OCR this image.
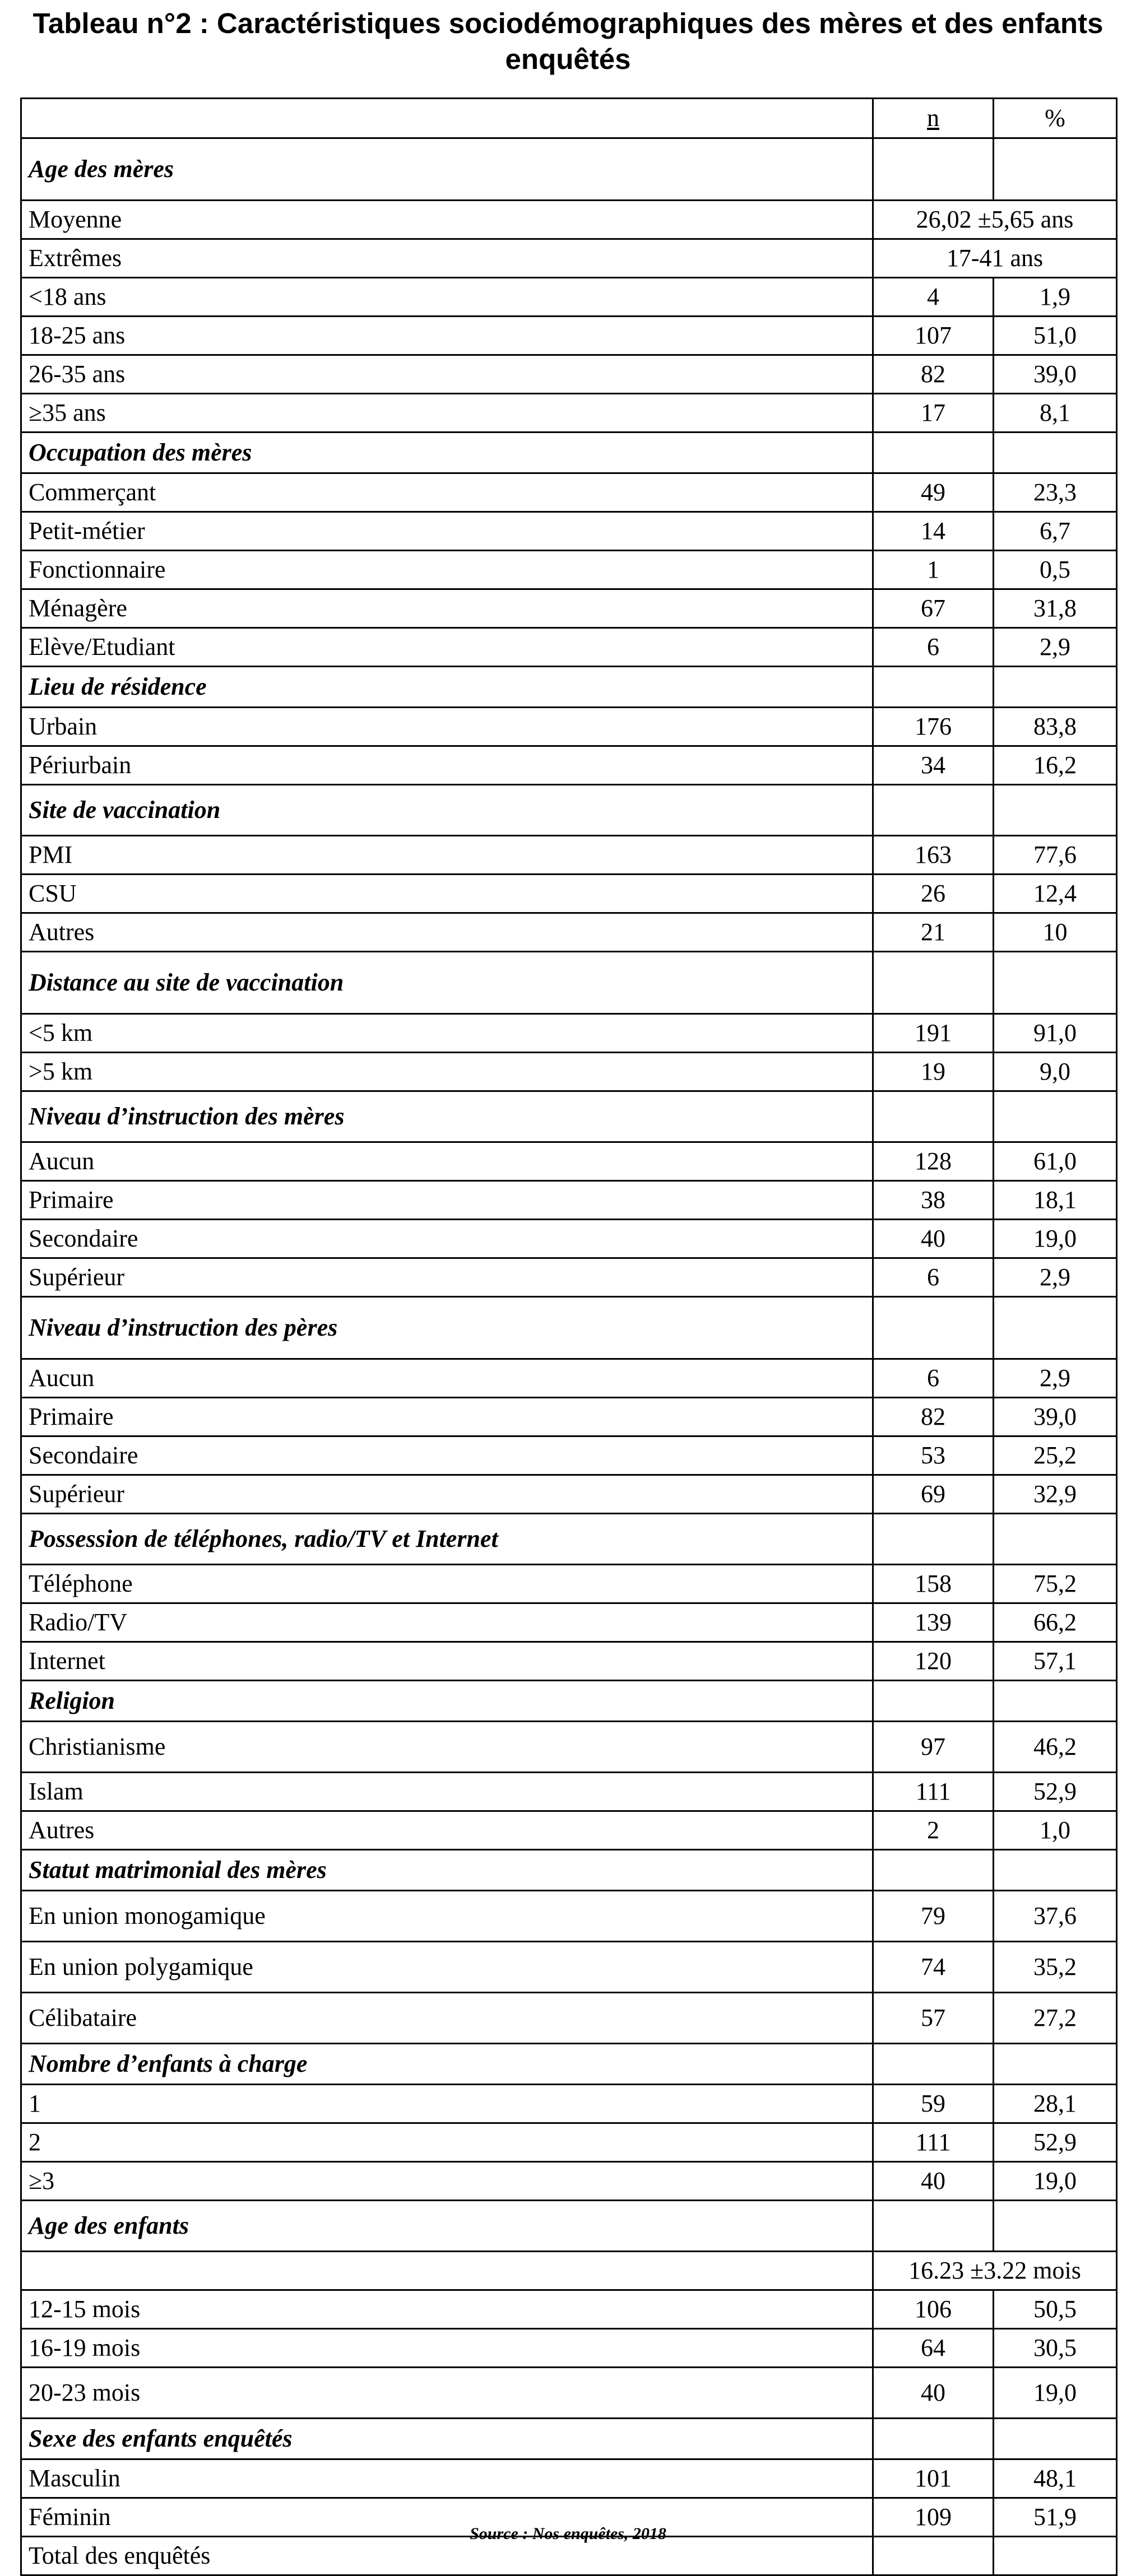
Tableau n°2 : Caractéristiques sociodémographiques des mères et des enfants
enquêtés
	n	%
Age des mères		
Moyenne	26,02 ±5,65 ans	
Extrêmes	17-41 ans	
<18 ans	4	1,9
18-25 ans	107	51,0
26-35 ans	82	39,0
≥35 ans	17	8,1
Occupation des mères		
Commerçant	49	23,3
Petit-métier	14	6,7
Fonctionnaire	1	0,5
Ménagère	67	31,8
Elève/Etudiant	6	2,9
Lieu de résidence		
Urbain	176	83,8
Périurbain	34	16,2
Site de vaccination		
PMI	163	77,6
CSU	26	12,4
Autres	21	10
Distance au site de vaccination		
<5 km	191	91,0
>5 km	19	9,0
Niveau d’instruction des mères		
Aucun	128	61,0
Primaire	38	18,1
Secondaire	40	19,0
Supérieur	6	2,9
Niveau d’instruction des pères		
Aucun	6	2,9
Primaire	82	39,0
Secondaire	53	25,2
Supérieur	69	32,9
Possession de téléphones, radio/TV et Internet		
Téléphone	158	75,2
Radio/TV	139	66,2
Internet	120	57,1
Religion		
Christianisme	97	46,2
Islam	111	52,9
Autres	2	1,0
Statut matrimonial des mères		
En union monogamique	79	37,6
En union polygamique	74	35,2
Célibataire	57	27,2
Nombre d’enfants à charge		
1	59	28,1
2	111	52,9
≥3	40	19,0
Age des enfants		
	16.23 ±3.22 mois	
12-15 mois	106	50,5
16-19 mois	64	30,5
20-23 mois	40	19,0
Sexe des enfants enquêtés		
Masculin	101	48,1
Féminin	109	51,9
Total des enquêtés		
Source : Nos enquêtes, 2018
